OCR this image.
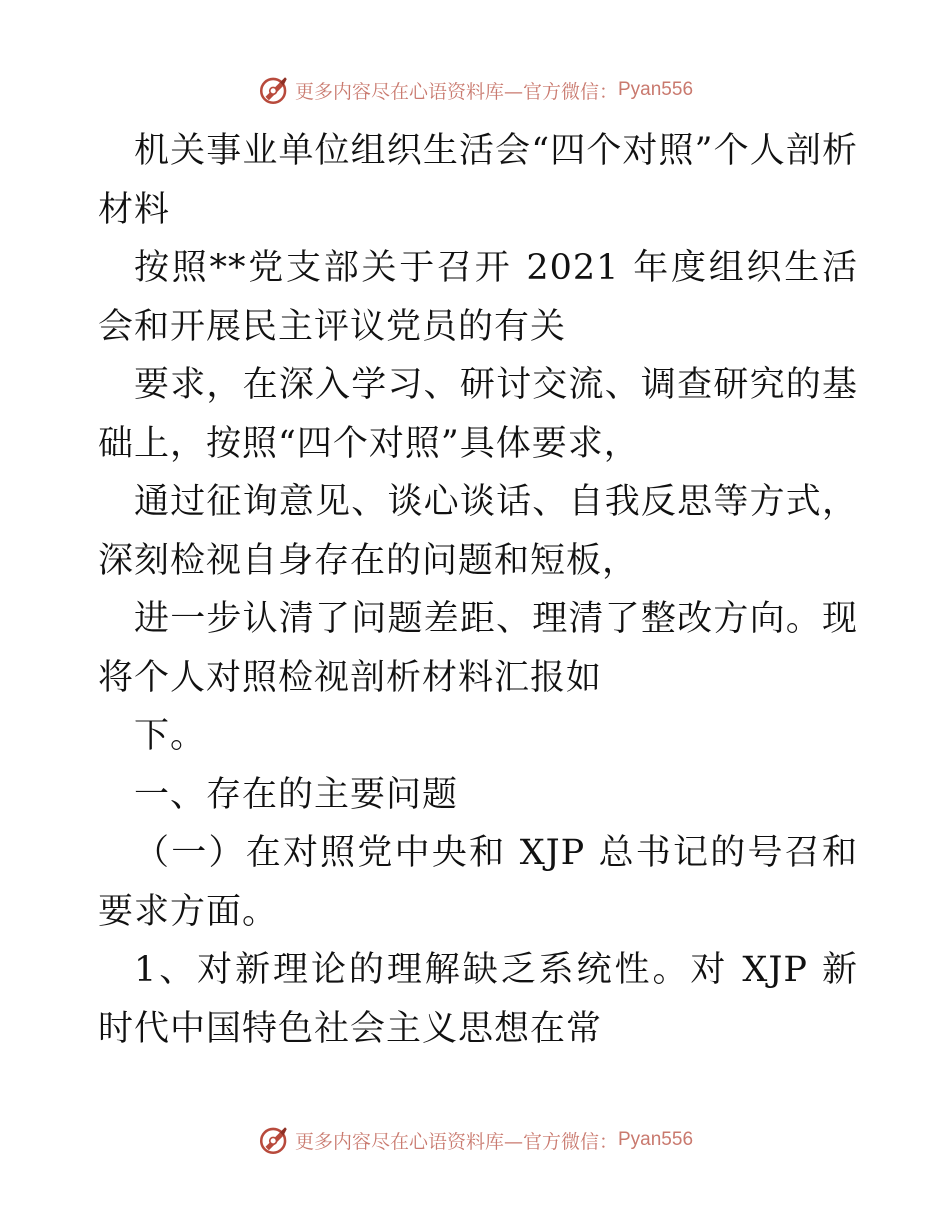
更多内容尽在心语资料库—官方微信： Pyan556

机关事业单位组织生活会“四个对照”个人剖析材料

按照**党支部关于召开 2021 年度组织生活会和开展民主评议党员的有关

要求，在深入学习、研讨交流、调查研究的基础上，按照“四个对照”具体要求，

通过征询意见、谈心谈话、自我反思等方式，深刻检视自身存在的问题和短板，

进一步认清了问题差距、理清了整改方向。现将个人对照检视剖析材料汇报如

下。

一、存在的主要问题

（一）在对照党中央和 XJP 总书记的号召和要求方面。

1、对新理论的理解缺乏系统性。对 XJP 新时代中国特色社会主义思想在常

更多内容尽在心语资料库—官方微信： Pyan556
